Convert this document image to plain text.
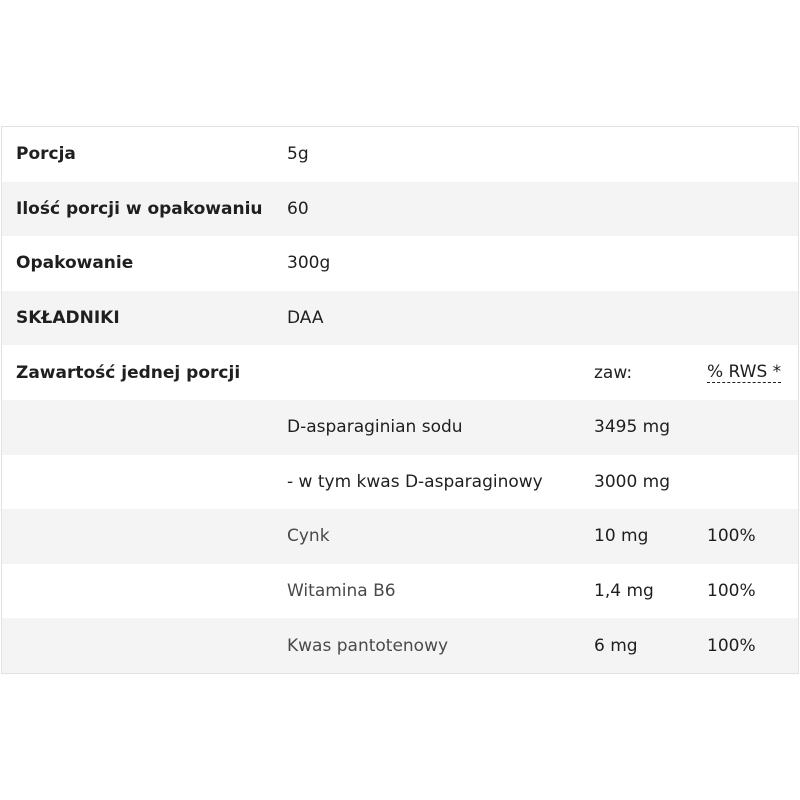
Porcja	5g
Ilość porcji w opakowaniu 60
Opakowanie	300g
SKŁADNIKI	DAA
Zawartość jednej porcji	zaw:	% RWS *
D-asparaginian sodu	3495 mg
- w tym kwas D-asparaginowy	3000 mg
Cynk	10 mg	100%
Witamina B6	1,4 mg	100%
Kwas pantotenowy	6 mg	100%
